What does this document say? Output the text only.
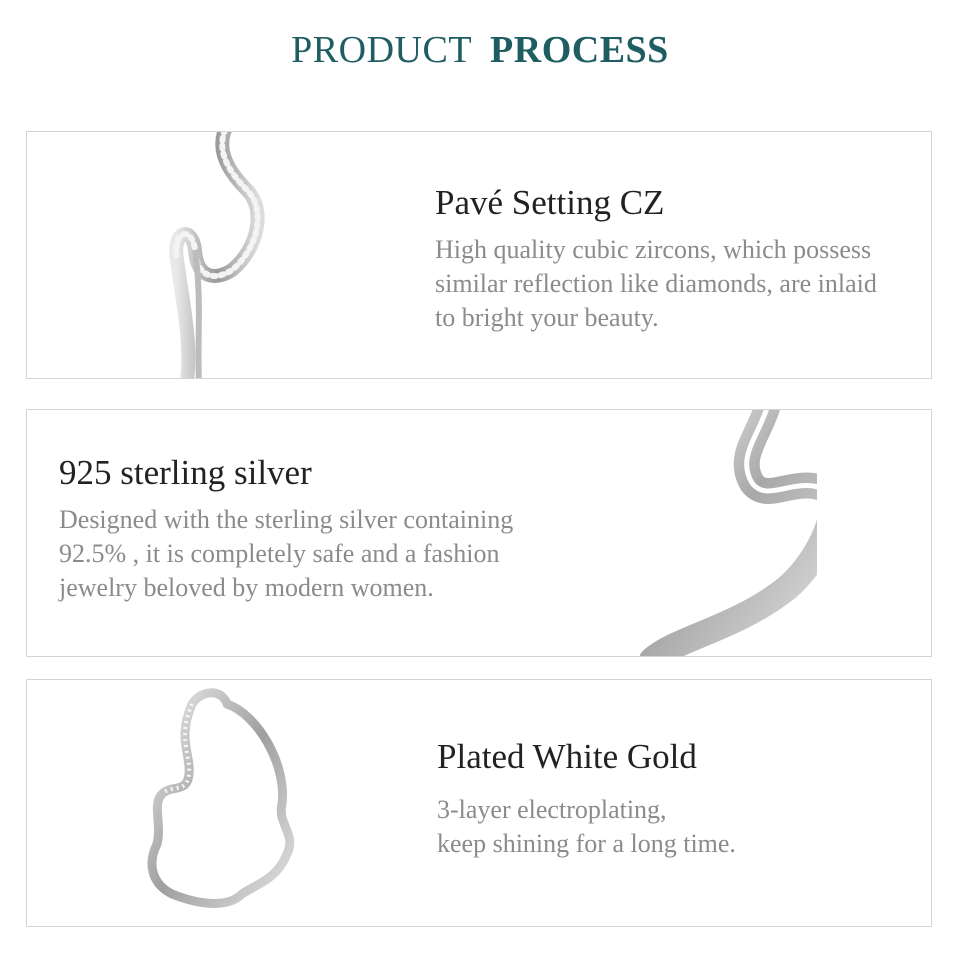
PRODUCT PROCESS
Pavé Setting CZ
High quality cubic zircons, which possess
similar reflection like diamonds, are inlaid
to bright your beauty.
925 sterling silver
Designed with the sterling silver containing
92.5% , it is completely safe and a fashion
jewelry beloved by modern women.
Plated White Gold
3-layer electroplating,
keep shining for a long time.
